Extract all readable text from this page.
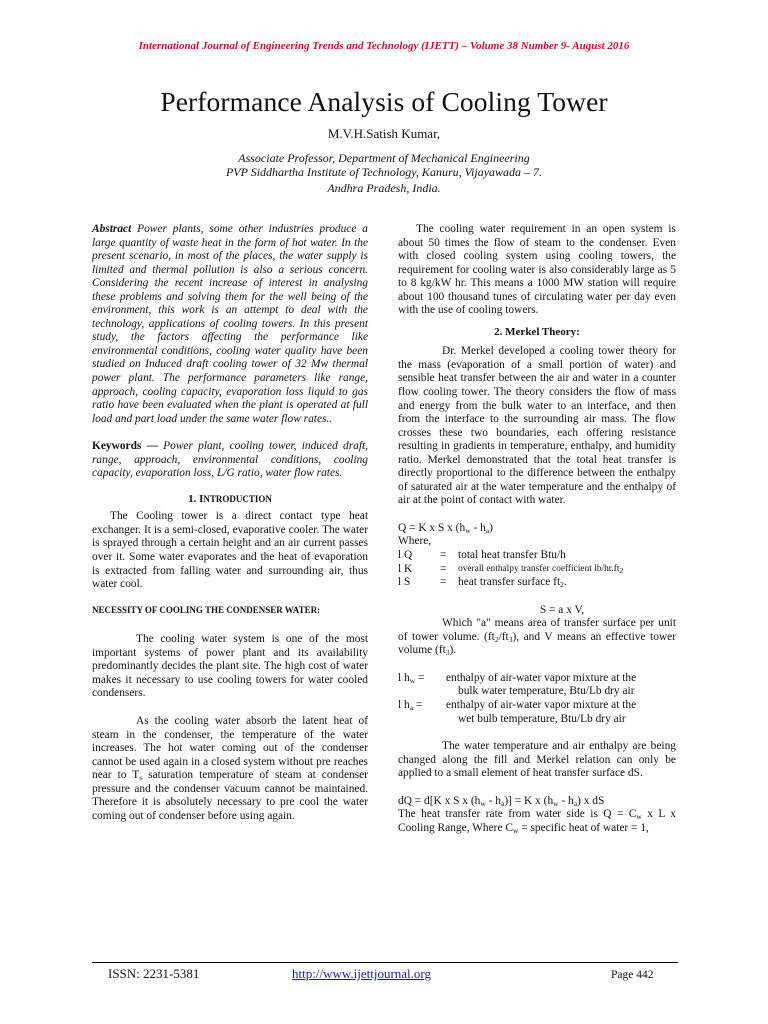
International Journal of Engineering Trends and Technology (IJETT) – Volume 38 Number 9- August 2016
Performance Analysis of Cooling Tower
M.V.H.Satish Kumar,
Associate Professor, Department of Mechanical Engineering
PVP Siddhartha Institute of Technology, Kanuru, Vijayawada – 7.
Andhra Pradesh, India.

Abstract Power plants, some other industries produce a large quantity of waste heat in the form of hot water. In the present scenario, in most of the places, the water supply is limited and thermal pollution is also a serious concern. Considering the recent increase of interest in analysing these problems and solving them for the well being of the environment, this work is an attempt to deal with the technology, applications of cooling towers. In this present study, the factors affecting the performance like environmental conditions, cooling water quality have been studied on Induced draft cooling tower of 32 Mw thermal power plant. The performance parameters like range, approach, cooling capacity, evaporation loss liquid to gas ratio have been evaluated when the plant is operated at full load and part load under the same water flow rates..

Keywords — Power plant, cooling tower, induced draft, range, approach, environmental conditions, cooling capacity, evaporation loss, L/G ratio, water flow rates.

1. INTRODUCTION

The Cooling tower is a direct contact type heat exchanger. It is a semi-closed, evaporative cooler. The water is sprayed through a certain height and an air current passes over it. Some water evaporates and the heat of evaporation is extracted from falling water and surrounding air, thus water cool.

NECESSITY OF COOLING THE CONDENSER WATER:

The cooling water system is one of the most important systems of power plant and its availability predominantly decides the plant site. The high cost of water makes it necessary to use cooling towers for water cooled condensers.

As the cooling water absorb the latent heat of steam in the condenser, the temperature of the water increases. The hot water coming out of the condenser cannot be used again in a closed system without pre reaches near to $T_s$ saturation temperature of steam at condenser pressure and the condenser vacuum cannot be maintained. Therefore it is absolutely necessary to pre cool the water coming out of condenser before using again.

The cooling water requirement in an open system is about 50 times the flow of steam to the condenser. Even with closed cooling system using cooling towers, the requirement for cooling water is also considerably large as 5 to 8 kg/kW hr. This means a 1000 MW station will require about 100 thousand tunes of circulating water per day even with the use of cooling towers.

2. Merkel Theory:

Dr. Merkel developed a cooling tower theory for the mass (evaporation of a small portion of water) and sensible heat transfer between the air and water in a counter flow cooling tower. The theory considers the flow of mass and energy from the bulk water to an interface, and then from the interface to the surrounding air mass. The flow crosses these two boundaries, each offering resistance resulting in gradients in temperature, enthalpy, and humidity ratio. Merkel demonstrated that the total heat transfer is directly proportional to the difference between the enthalpy of saturated air at the water temperature and the enthalpy of air at the point of contact with water.

Q = K x S x $(h_w - h_a)$

Where,

l Q	=	total heat transfer Btu/h
l K	=	overall enthalpy transfer coefficient $lb/hr.ft_2$
l S	=	heat transfer surface $ft_2$.

S = a x V,

Which "a" means area of transfer surface per unit of tower volume. $(ft_2/ft_3)$, and V means an effective tower volume $(ft_3)$.

l $h_w$ =	enthalpy of air-water vapor mixture at the
bulk water temperature, Btu/Lb dry air
l $h_a$ =	enthalpy of air-water vapor mixture at the
wet bulb temperature, Btu/Lb dry air

The water temperature and air enthalpy are being changed along the fill and Merkel relation can only be applied to a small element of heat transfer surface dS.

dQ = d[K x S x $(h_w - h_a)] = K$ x $(h_w - h_a)$ x dS

The heat transfer rate from water side is $Q = C_w$ x L x Cooling Range, Where $C_w$ = specific heat of water = 1,

ISSN: 2231-5381	http://www.ijettjournal.org	Page 442
